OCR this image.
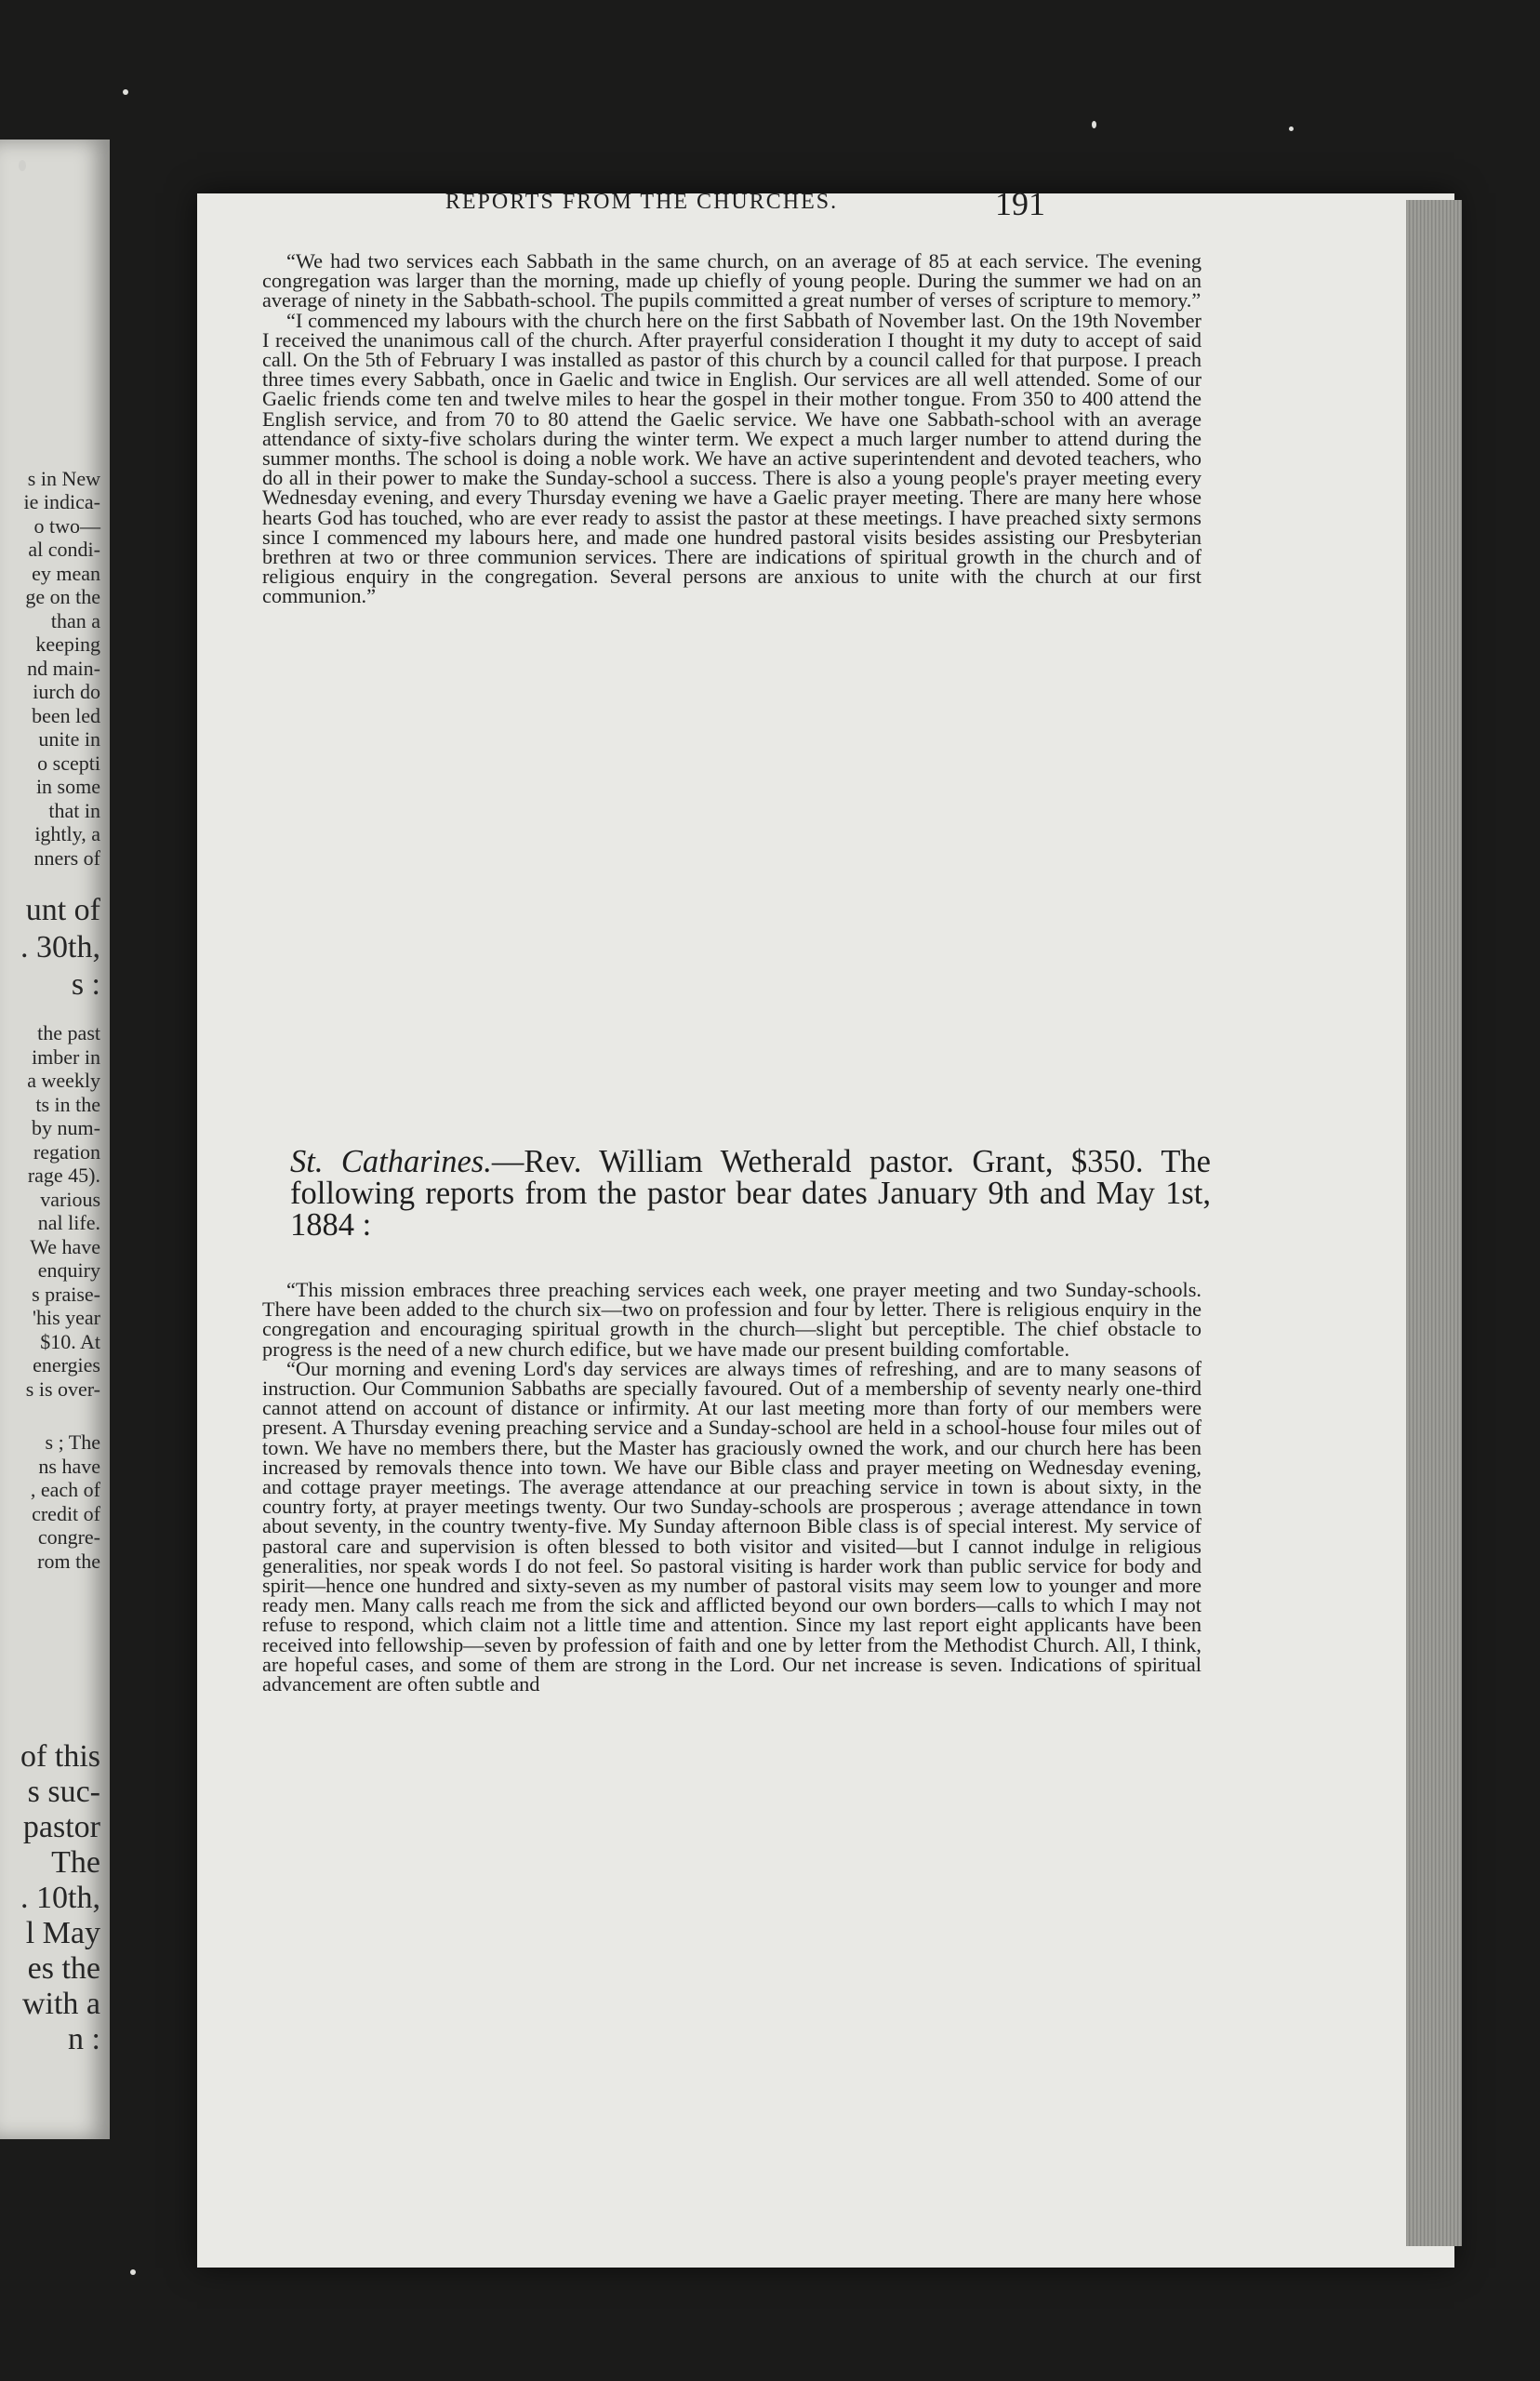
s in New
ie indica-
o two—
al condi-
ey mean
ge on the
than a
keeping
nd main-
iurch do
been led
unite in
o scepti
in some
that in
ightly, a
nners of
unt of
. 30th,
s :
the past
imber in
a weekly
ts in the
by num-
regation
rage 45).
various
nal life.
We have
enquiry
s praise-
'his year
$10. At
energies
s is over-
s ; The
ns have
, each of
credit of
congre-
rom the
of this
s suc-
pastor
The
. 10th,
l May
es the
with a
n :
REPORTS FROM THE CHURCHES.	191

“We had two services each Sabbath in the same church, on an average of 85 at each service. The evening congregation was larger than the morning, made up chiefly of young people. During the summer we had on an average of ninety in the Sabbath-school. The pupils committed a great number of verses of scripture to memory.”

“I commenced my labours with the church here on the first Sabbath of November last. On the 19th November I received the unanimous call of the church. After prayerful consideration I thought it my duty to accept of said call. On the 5th of February I was installed as pastor of this church by a council called for that purpose. I preach three times every Sabbath, once in Gaelic and twice in English. Our services are all well attended. Some of our Gaelic friends come ten and twelve miles to hear the gospel in their mother tongue. From 350 to 400 attend the English service, and from 70 to 80 attend the Gaelic service. We have one Sabbath-school with an average attendance of sixty-five scholars during the winter term. We expect a much larger number to attend during the summer months. The school is doing a noble work. We have an active superintendent and devoted teachers, who do all in their power to make the Sunday-school a success. There is also a young people's prayer meeting every Wednesday evening, and every Thursday evening we have a Gaelic prayer meeting. There are many here whose hearts God has touched, who are ever ready to assist the pastor at these meetings. I have preached sixty sermons since I commenced my labours here, and made one hundred pastoral visits besides assisting our Presbyterian brethren at two or three communion services. There are indications of spiritual growth in the church and of religious enquiry in the congregation. Several persons are anxious to unite with the church at our first communion.”

St. Catharines.—Rev. William Wetherald pastor. Grant, $350. The following reports from the pastor bear dates January 9th and May 1st, 1884 :

“This mission embraces three preaching services each week, one prayer meeting and two Sunday-schools. There have been added to the church six—two on profession and four by letter. There is religious enquiry in the congregation and encouraging spiritual growth in the church—slight but perceptible. The chief obstacle to progress is the need of a new church edifice, but we have made our present building comfortable.

“Our morning and evening Lord's day services are always times of refreshing, and are to many seasons of instruction. Our Communion Sabbaths are specially favoured. Out of a membership of seventy nearly one-third cannot attend on account of distance or infirmity. At our last meeting more than forty of our members were present. A Thursday evening preaching service and a Sunday-school are held in a school-house four miles out of town. We have no members there, but the Master has graciously owned the work, and our church here has been increased by removals thence into town. We have our Bible class and prayer meeting on Wednesday evening, and cottage prayer meetings. The average attendance at our preaching service in town is about sixty, in the country forty, at prayer meetings twenty. Our two Sunday-schools are prosperous ; average attendance in town about seventy, in the country twenty-five. My Sunday afternoon Bible class is of special interest. My service of pastoral care and supervision is often blessed to both visitor and visited—but I cannot indulge in religious generalities, nor speak words I do not feel. So pastoral visiting is harder work than public service for body and spirit—hence one hundred and sixty-seven as my number of pastoral visits may seem low to younger and more ready men. Many calls reach me from the sick and afflicted beyond our own borders—calls to which I may not refuse to respond, which claim not a little time and attention. Since my last report eight applicants have been received into fellowship—seven by profession of faith and one by letter from the Methodist Church. All, I think, are hopeful cases, and some of them are strong in the Lord. Our net increase is seven. Indications of spiritual advancement are often subtle and
